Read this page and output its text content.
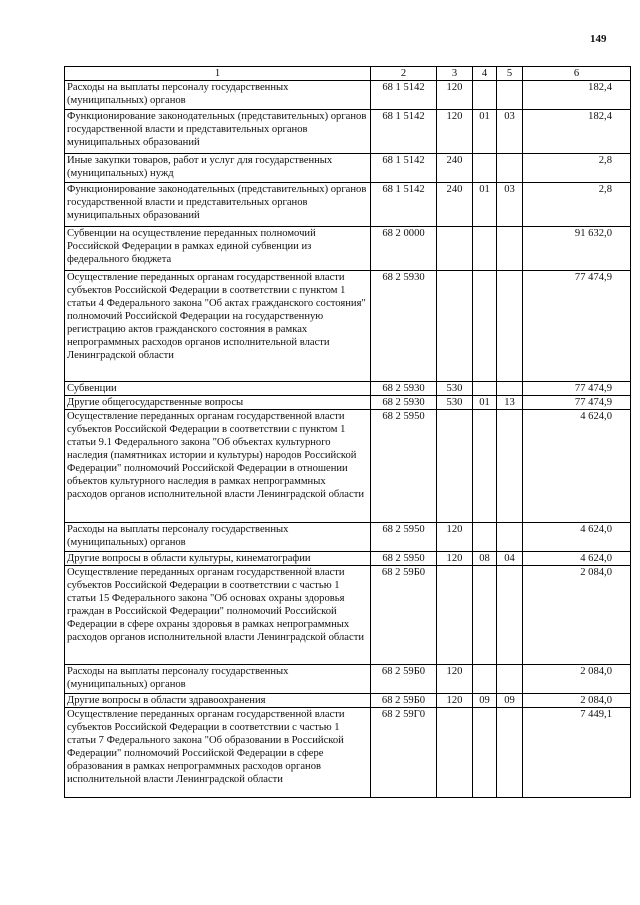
149
1	2	3	4	5	6
Расходы на выплаты персоналу государственных (муниципальных) органов	68 1 5142	120			182,4
Функционирование законодательных (представительных) органов государственной власти и представительных органов муниципальных образований	68 1 5142	120	01	03	182,4
Иные закупки товаров, работ и услуг для государственных (муниципальных) нужд	68 1 5142	240			2,8
Функционирование законодательных (представительных) органов государственной власти и представительных органов муниципальных образований	68 1 5142	240	01	03	2,8
Субвенции на осуществление переданных полномочий Российской Федерации в рамках единой субвенции из федерального бюджета	68 2 0000				91 632,0
Осуществление переданных органам государственной власти субъектов Российской Федерации в соответствии с пунктом 1 статьи 4 Федерального закона "Об актах гражданского состояния" полномочий Российской Федерации на государственную регистрацию актов гражданского состояния в рамках непрограммных расходов органов исполнительной власти Ленинградской области	68 2 5930				77 474,9
Субвенции	68 2 5930	530			77 474,9
Другие общегосударственные вопросы	68 2 5930	530	01	13	77 474,9
Осуществление переданных органам государственной власти субъектов Российской Федерации в соответствии с пунктом 1 статьи 9.1 Федерального закона "Об объектах культурного наследия (памятниках истории и культуры) народов Российской Федерации" полномочий Российской Федерации в отношении объектов культурного наследия в рамках непрограммных расходов органов исполнительной власти Ленинградской области	68 2 5950				4 624,0
Расходы на выплаты персоналу государственных (муниципальных) органов	68 2 5950	120			4 624,0
Другие вопросы в области культуры, кинематографии	68 2 5950	120	08	04	4 624,0
Осуществление переданных органам государственной власти субъектов Российской Федерации в соответствии с частью 1 статьи 15 Федерального закона "Об основах охраны здоровья граждан в Российской Федерации" полномочий Российской Федерации в сфере охраны здоровья в рамках непрограммных расходов органов исполнительной власти Ленинградской области	68 2 59Б0				2 084,0
Расходы на выплаты персоналу государственных (муниципальных) органов	68 2 59Б0	120			2 084,0
Другие вопросы в области здравоохранения	68 2 59Б0	120	09	09	2 084,0
Осуществление переданных органам государственной власти субъектов Российской Федерации в соответствии с частью 1 статьи 7 Федерального закона "Об образовании в Российской Федерации" полномочий Российской Федерации в сфере образования в рамках непрограммных расходов органов исполнительной власти Ленинградской области	68 2 59Г0				7 449,1
